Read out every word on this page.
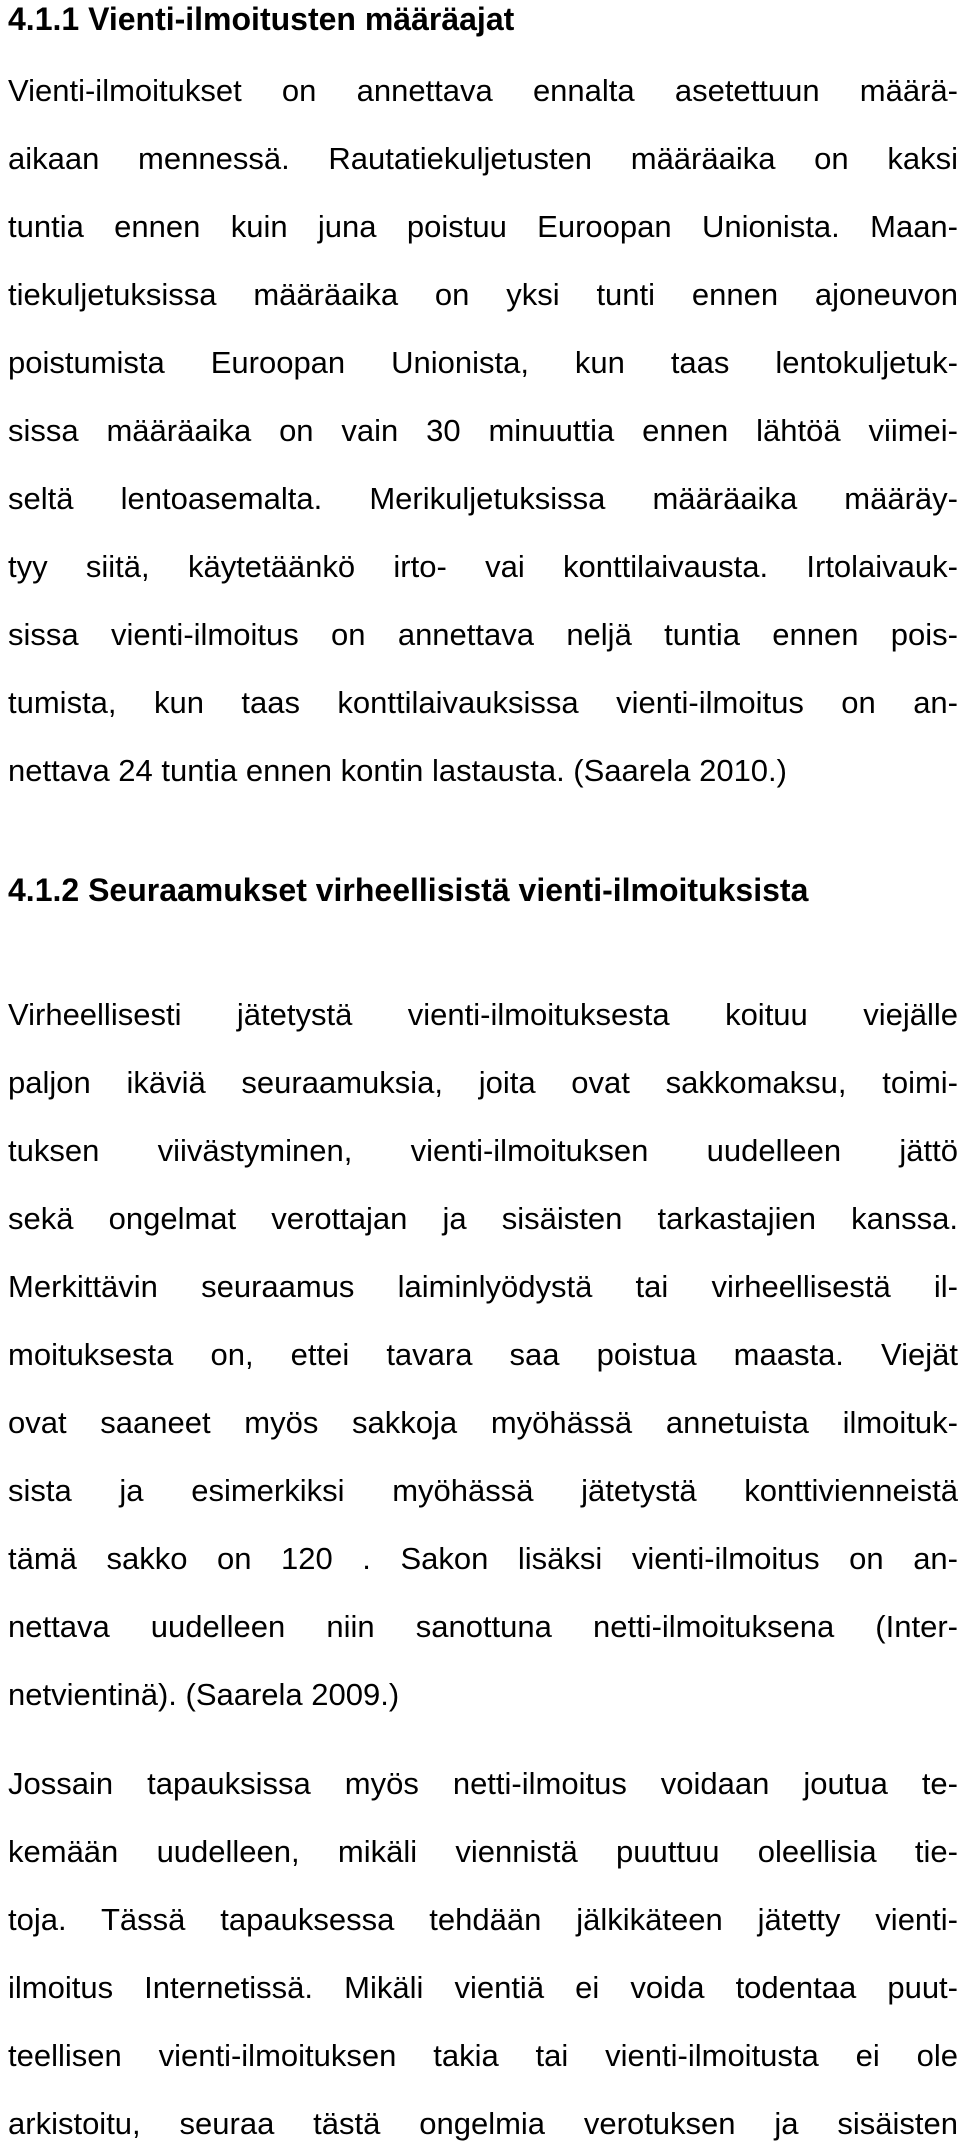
4.1.1 Vienti-ilmoitusten määräajat
Vienti-ilmoitukset on annettava ennalta asetettuun määrä-
aikaan mennessä. Rautatiekuljetusten määräaika on kaksi
tuntia ennen kuin juna poistuu Euroopan Unionista. Maan-
tiekuljetuksissa määräaika on yksi tunti ennen ajoneuvon
poistumista Euroopan Unionista, kun taas lentokuljetuk-
sissa määräaika on vain 30 minuuttia ennen lähtöä viimei-
seltä lentoasemalta. Merikuljetuksissa määräaika määräy-
tyy siitä, käytetäänkö irto- vai konttilaivausta. Irtolaivauk-
sissa vienti-ilmoitus on annettava neljä tuntia ennen pois-
tumista, kun taas konttilaivauksissa vienti-ilmoitus on an-
nettava 24 tuntia ennen kontin lastausta. (Saarela 2010.)
4.1.2 Seuraamukset virheellisistä vienti-ilmoituksista
Virheellisesti jätetystä vienti-ilmoituksesta koituu viejälle
paljon ikäviä seuraamuksia, joita ovat sakkomaksu, toimi-
tuksen viivästyminen, vienti-ilmoituksen uudelleen jättö
sekä ongelmat verottajan ja sisäisten tarkastajien kanssa.
Merkittävin seuraamus laiminlyödystä tai virheellisestä il-
moituksesta on, ettei tavara saa poistua maasta. Viejät
ovat saaneet myös sakkoja myöhässä annetuista ilmoituk-
sista ja esimerkiksi myöhässä jätetystä konttivienneistä
tämä sakko on 120 . Sakon lisäksi vienti-ilmoitus on an-
nettava uudelleen niin sanottuna netti-ilmoituksena (Inter-
netvientinä). (Saarela 2009.)
Jossain tapauksissa myös netti-ilmoitus voidaan joutua te-
kemään uudelleen, mikäli viennistä puuttuu oleellisia tie-
toja. Tässä tapauksessa tehdään jälkikäteen jätetty vienti-
ilmoitus Internetissä. Mikäli vientiä ei voida todentaa puut-
teellisen vienti-ilmoituksen takia tai vienti-ilmoitusta ei ole
arkistoitu, seuraa tästä ongelmia verotuksen ja sisäisten
